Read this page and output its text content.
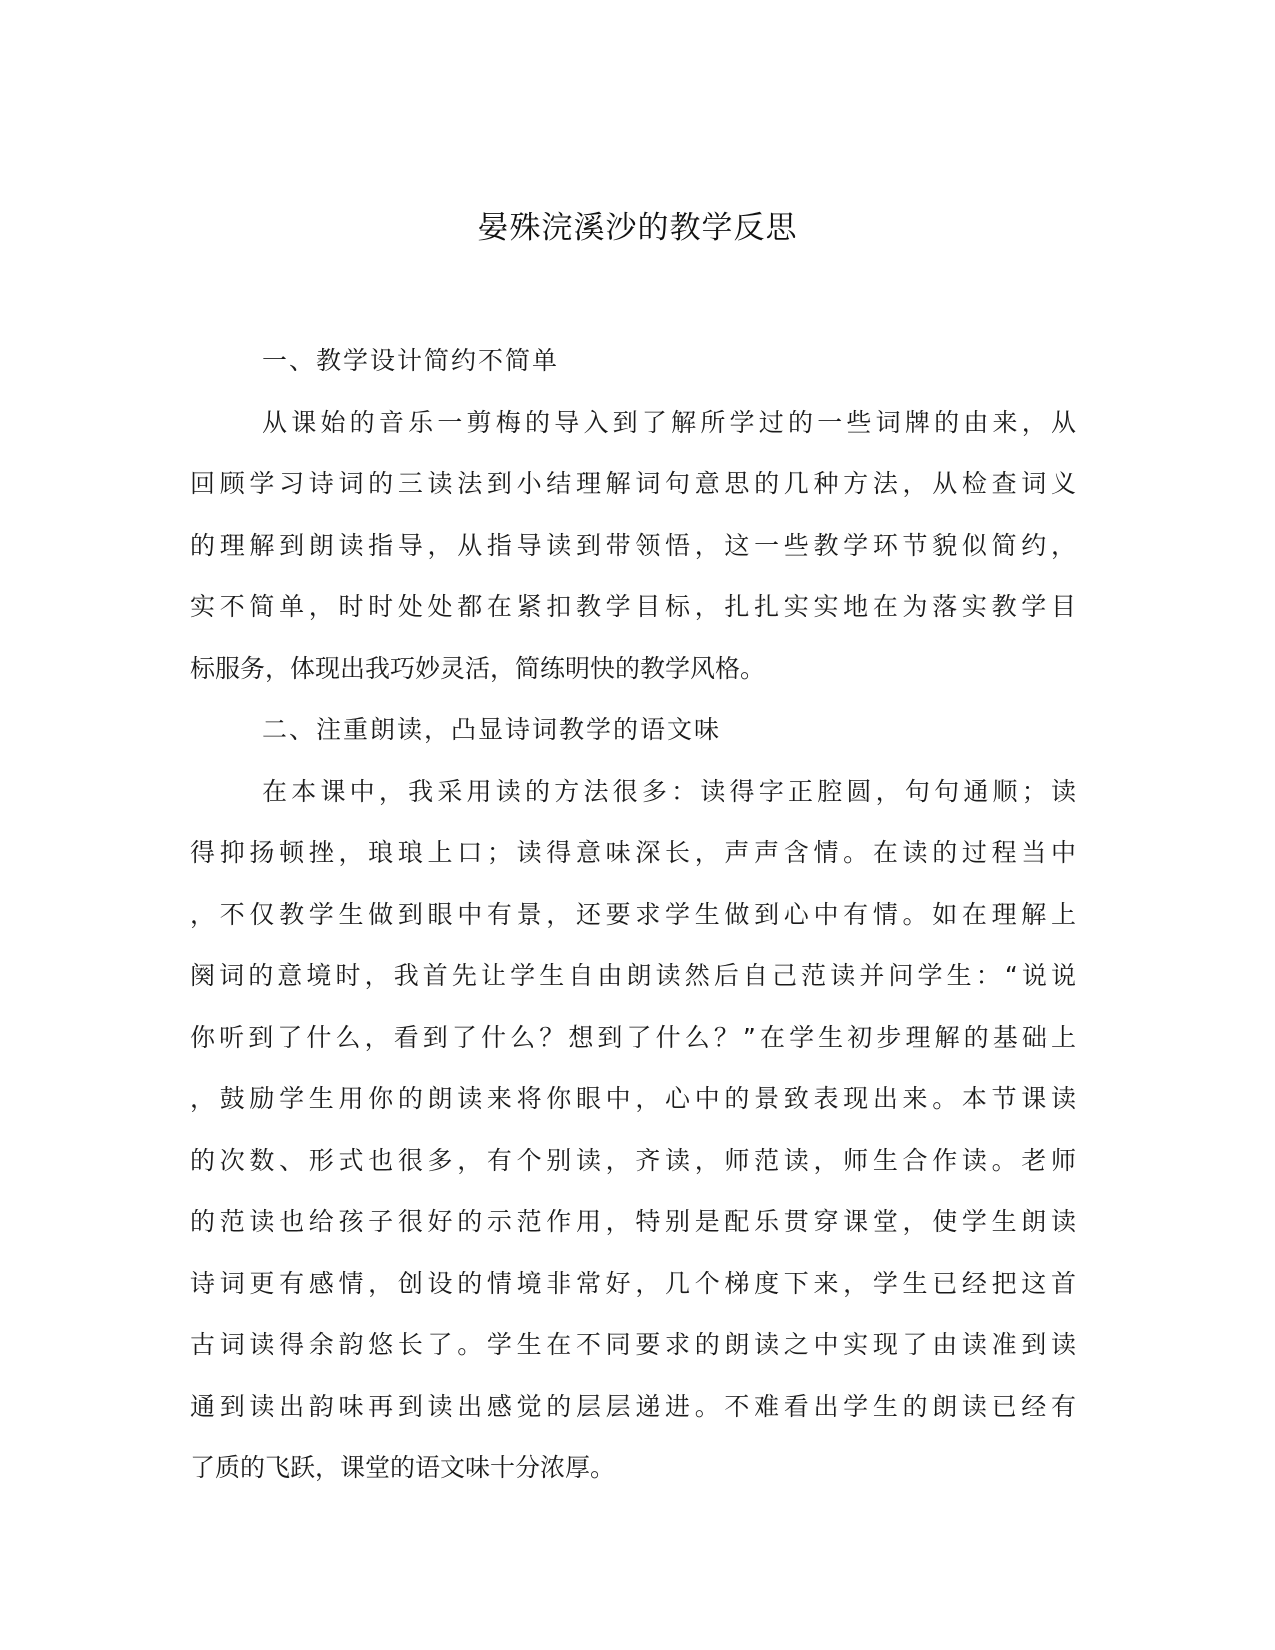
晏殊浣溪沙的教学反思
一、教学设计简约不简单
从课始的音乐一剪梅的导入到了解所学过的一些词牌的由来，从
回顾学习诗词的三读法到小结理解词句意思的几种方法，从检查词义
的理解到朗读指导，从指导读到带领悟，这一些教学环节貌似简约，
实不简单，时时处处都在紧扣教学目标，扎扎实实地在为落实教学目
标服务，体现出我巧妙灵活，简练明快的教学风格。
二、注重朗读，凸显诗词教学的语文味
在本课中，我采用读的方法很多：读得字正腔圆，句句通顺；读
得抑扬顿挫，琅琅上口；读得意味深长，声声含情。在读的过程当中
，不仅教学生做到眼中有景，还要求学生做到心中有情。如在理解上
阕词的意境时，我首先让学生自由朗读然后自己范读并问学生：“说说
你听到了什么，看到了什么？想到了什么？”在学生初步理解的基础上
，鼓励学生用你的朗读来将你眼中，心中的景致表现出来。本节课读
的次数、形式也很多，有个别读，齐读，师范读，师生合作读。老师
的范读也给孩子很好的示范作用，特别是配乐贯穿课堂，使学生朗读
诗词更有感情，创设的情境非常好，几个梯度下来，学生已经把这首
古词读得余韵悠长了。学生在不同要求的朗读之中实现了由读准到读
通到读出韵味再到读出感觉的层层递进。不难看出学生的朗读已经有
了质的飞跃，课堂的语文味十分浓厚。
